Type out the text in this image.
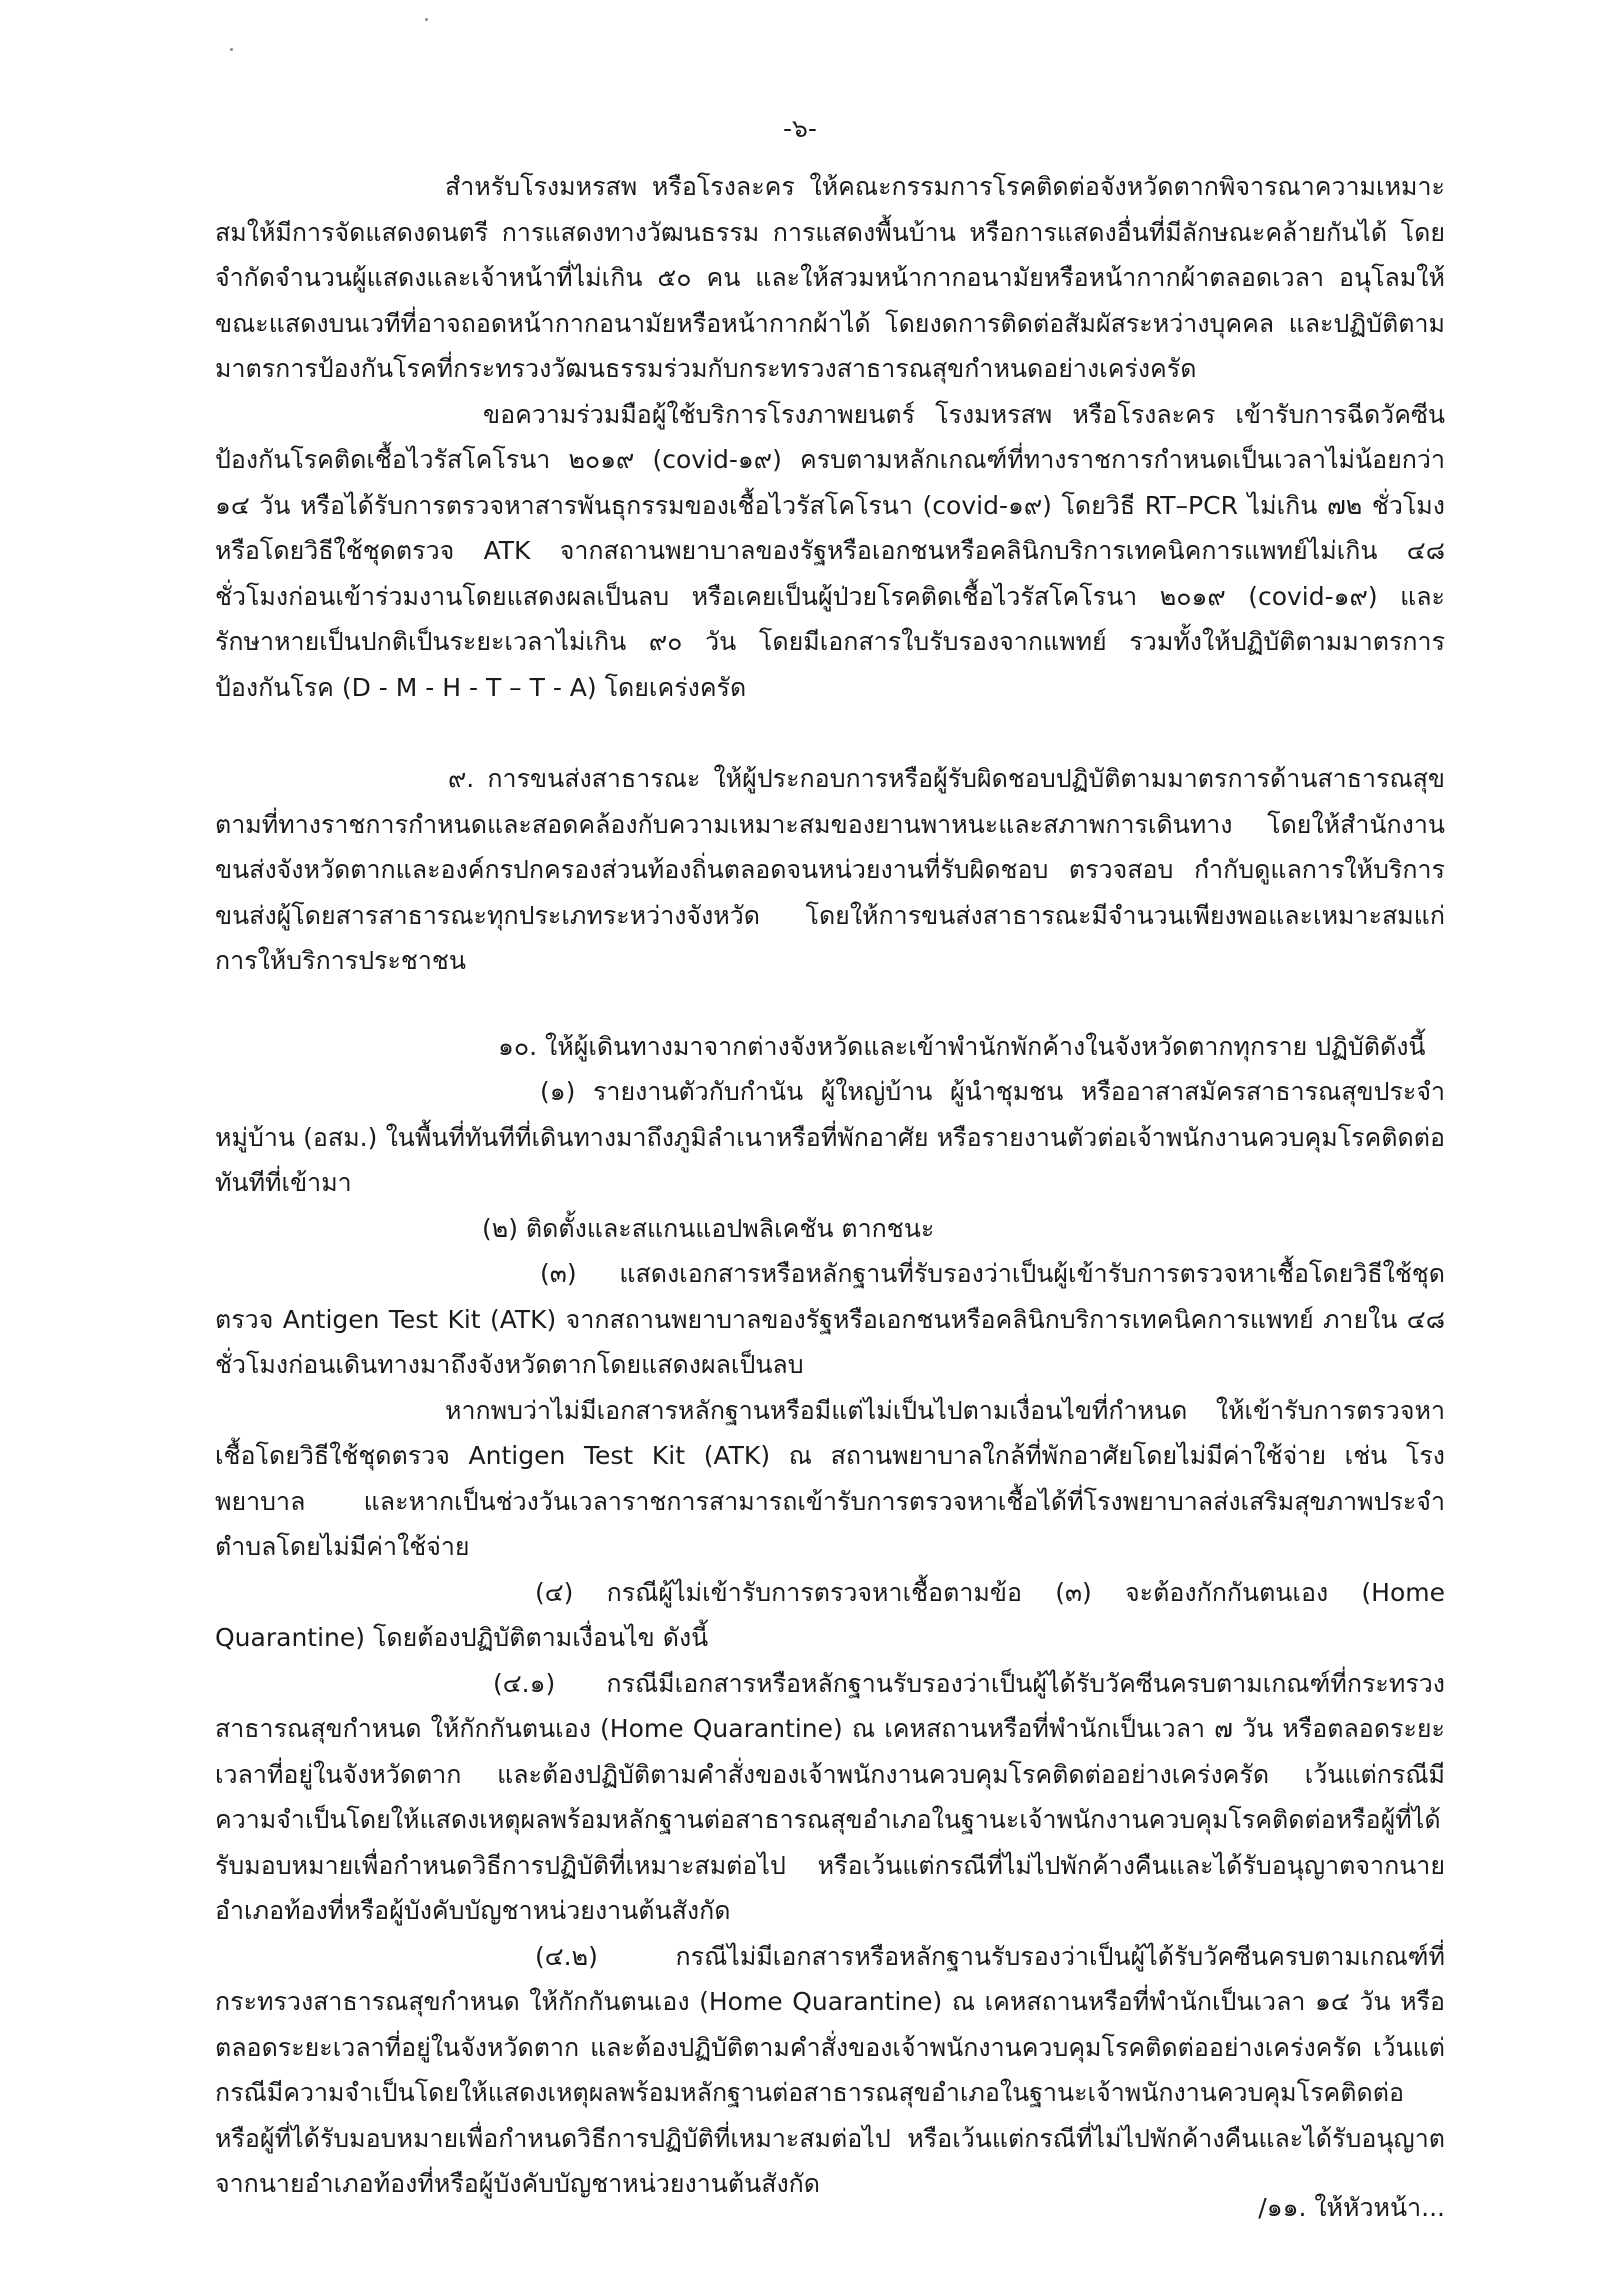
-๖-

สำหรับโรงมหรสพ หรือโรงละคร ให้คณะกรรมการโรคติดต่อจังหวัดตากพิจารณาความเหมาะสมให้มีการจัดแสดงดนตรี การแสดงทางวัฒนธรรม การแสดงพื้นบ้าน หรือการแสดงอื่นที่มีลักษณะคล้ายกันได้ โดยจำกัดจำนวนผู้แสดงและเจ้าหน้าที่ไม่เกิน ๕๐ คน และให้สวมหน้ากากอนามัยหรือหน้ากากผ้าตลอดเวลา อนุโลมให้ขณะแสดงบนเวทีที่อาจถอดหน้ากากอนามัยหรือหน้ากากผ้าได้ โดยงดการติดต่อสัมผัสระหว่างบุคคล และปฏิบัติตามมาตรการป้องกันโรคที่กระทรวงวัฒนธรรมร่วมกับกระทรวงสาธารณสุขกำหนดอย่างเคร่งครัด

ขอความร่วมมือผู้ใช้บริการโรงภาพยนตร์ โรงมหรสพ หรือโรงละคร เข้ารับการฉีดวัคซีนป้องกันโรคติดเชื้อไวรัสโคโรนา ๒๐๑๙ (covid-๑๙) ครบตามหลักเกณฑ์ที่ทางราชการกำหนดเป็นเวลาไม่น้อยกว่า ๑๔ วัน หรือได้รับการตรวจหาสารพันธุกรรมของเชื้อไวรัสโคโรนา (covid-๑๙) โดยวิธี RT–PCR ไม่เกิน ๗๒ ชั่วโมง หรือโดยวิธีใช้ชุดตรวจ ATK จากสถานพยาบาลของรัฐหรือเอกชนหรือคลินิกบริการเทคนิคการแพทย์ไม่เกิน ๔๘ ชั่วโมงก่อนเข้าร่วมงานโดยแสดงผลเป็นลบ หรือเคยเป็นผู้ป่วยโรคติดเชื้อไวรัสโคโรนา ๒๐๑๙ (covid-๑๙) และรักษาหายเป็นปกติเป็นระยะเวลาไม่เกิน ๙๐ วัน โดยมีเอกสารใบรับรองจากแพทย์ รวมทั้งให้ปฏิบัติตามมาตรการป้องกันโรค (D - M - H - T – T - A) โดยเคร่งครัด

๙. การขนส่งสาธารณะ ให้ผู้ประกอบการหรือผู้รับผิดชอบปฏิบัติตามมาตรการด้านสาธารณสุขตามที่ทางราชการกำหนดและสอดคล้องกับความเหมาะสมของยานพาหนะและสภาพการเดินทาง โดยให้สำนักงานขนส่งจังหวัดตากและองค์กรปกครองส่วนท้องถิ่นตลอดจนหน่วยงานที่รับผิดชอบ ตรวจสอบ กำกับดูแลการให้บริการขนส่งผู้โดยสารสาธารณะทุกประเภทระหว่างจังหวัด โดยให้การขนส่งสาธารณะมีจำนวนเพียงพอและเหมาะสมแก่การให้บริการประชาชน

๑๐. ให้ผู้เดินทางมาจากต่างจังหวัดและเข้าพำนักพักค้างในจังหวัดตากทุกราย ปฏิบัติดังนี้

(๑) รายงานตัวกับกำนัน ผู้ใหญ่บ้าน ผู้นำชุมชน หรืออาสาสมัครสาธารณสุขประจำหมู่บ้าน (อสม.) ในพื้นที่ทันทีที่เดินทางมาถึงภูมิลำเนาหรือที่พักอาศัย หรือรายงานตัวต่อเจ้าพนักงานควบคุมโรคติดต่อทันทีที่เข้ามา

(๒) ติดตั้งและสแกนแอปพลิเคชัน ตากชนะ

(๓) แสดงเอกสารหรือหลักฐานที่รับรองว่าเป็นผู้เข้ารับการตรวจหาเชื้อโดยวิธีใช้ชุดตรวจ Antigen Test Kit (ATK) จากสถานพยาบาลของรัฐหรือเอกชนหรือคลินิกบริการเทคนิคการแพทย์ ภายใน ๔๘ ชั่วโมงก่อนเดินทางมาถึงจังหวัดตากโดยแสดงผลเป็นลบ

หากพบว่าไม่มีเอกสารหลักฐานหรือมีแต่ไม่เป็นไปตามเงื่อนไขที่กำหนด ให้เข้ารับการตรวจหาเชื้อโดยวิธีใช้ชุดตรวจ Antigen Test Kit (ATK) ณ สถานพยาบาลใกล้ที่พักอาศัยโดยไม่มีค่าใช้จ่าย เช่น โรงพยาบาล และหากเป็นช่วงวันเวลาราชการสามารถเข้ารับการตรวจหาเชื้อได้ที่โรงพยาบาลส่งเสริมสุขภาพประจำตำบลโดยไม่มีค่าใช้จ่าย

(๔) กรณีผู้ไม่เข้ารับการตรวจหาเชื้อตามข้อ (๓) จะต้องกักกันตนเอง (Home Quarantine) โดยต้องปฏิบัติตามเงื่อนไข ดังนี้

(๔.๑) กรณีมีเอกสารหรือหลักฐานรับรองว่าเป็นผู้ได้รับวัคซีนครบตามเกณฑ์ที่กระทรวงสาธารณสุขกำหนด ให้กักกันตนเอง (Home Quarantine) ณ เคหสถานหรือที่พำนักเป็นเวลา ๗ วัน หรือตลอดระยะเวลาที่อยู่ในจังหวัดตาก และต้องปฏิบัติตามคำสั่งของเจ้าพนักงานควบคุมโรคติดต่ออย่างเคร่งครัด เว้นแต่กรณีมีความจำเป็นโดยให้แสดงเหตุผลพร้อมหลักฐานต่อสาธารณสุขอำเภอในฐานะเจ้าพนักงานควบคุมโรคติดต่อหรือผู้ที่ได้รับมอบหมายเพื่อกำหนดวิธีการปฏิบัติที่เหมาะสมต่อไป หรือเว้นแต่กรณีที่ไม่ไปพักค้างคืนและได้รับอนุญาตจากนายอำเภอท้องที่หรือผู้บังคับบัญชาหน่วยงานต้นสังกัด

(๔.๒) กรณีไม่มีเอกสารหรือหลักฐานรับรองว่าเป็นผู้ได้รับวัคซีนครบตามเกณฑ์ที่กระทรวงสาธารณสุขกำหนด ให้กักกันตนเอง (Home Quarantine) ณ เคหสถานหรือที่พำนักเป็นเวลา ๑๔ วัน หรือตลอดระยะเวลาที่อยู่ในจังหวัดตาก และต้องปฏิบัติตามคำสั่งของเจ้าพนักงานควบคุมโรคติดต่ออย่างเคร่งครัด เว้นแต่กรณีมีความจำเป็นโดยให้แสดงเหตุผลพร้อมหลักฐานต่อสาธารณสุขอำเภอในฐานะเจ้าพนักงานควบคุมโรคติดต่อหรือผู้ที่ได้รับมอบหมายเพื่อกำหนดวิธีการปฏิบัติที่เหมาะสมต่อไป หรือเว้นแต่กรณีที่ไม่ไปพักค้างคืนและได้รับอนุญาตจากนายอำเภอท้องที่หรือผู้บังคับบัญชาหน่วยงานต้นสังกัด

/๑๑. ให้หัวหน้า...
